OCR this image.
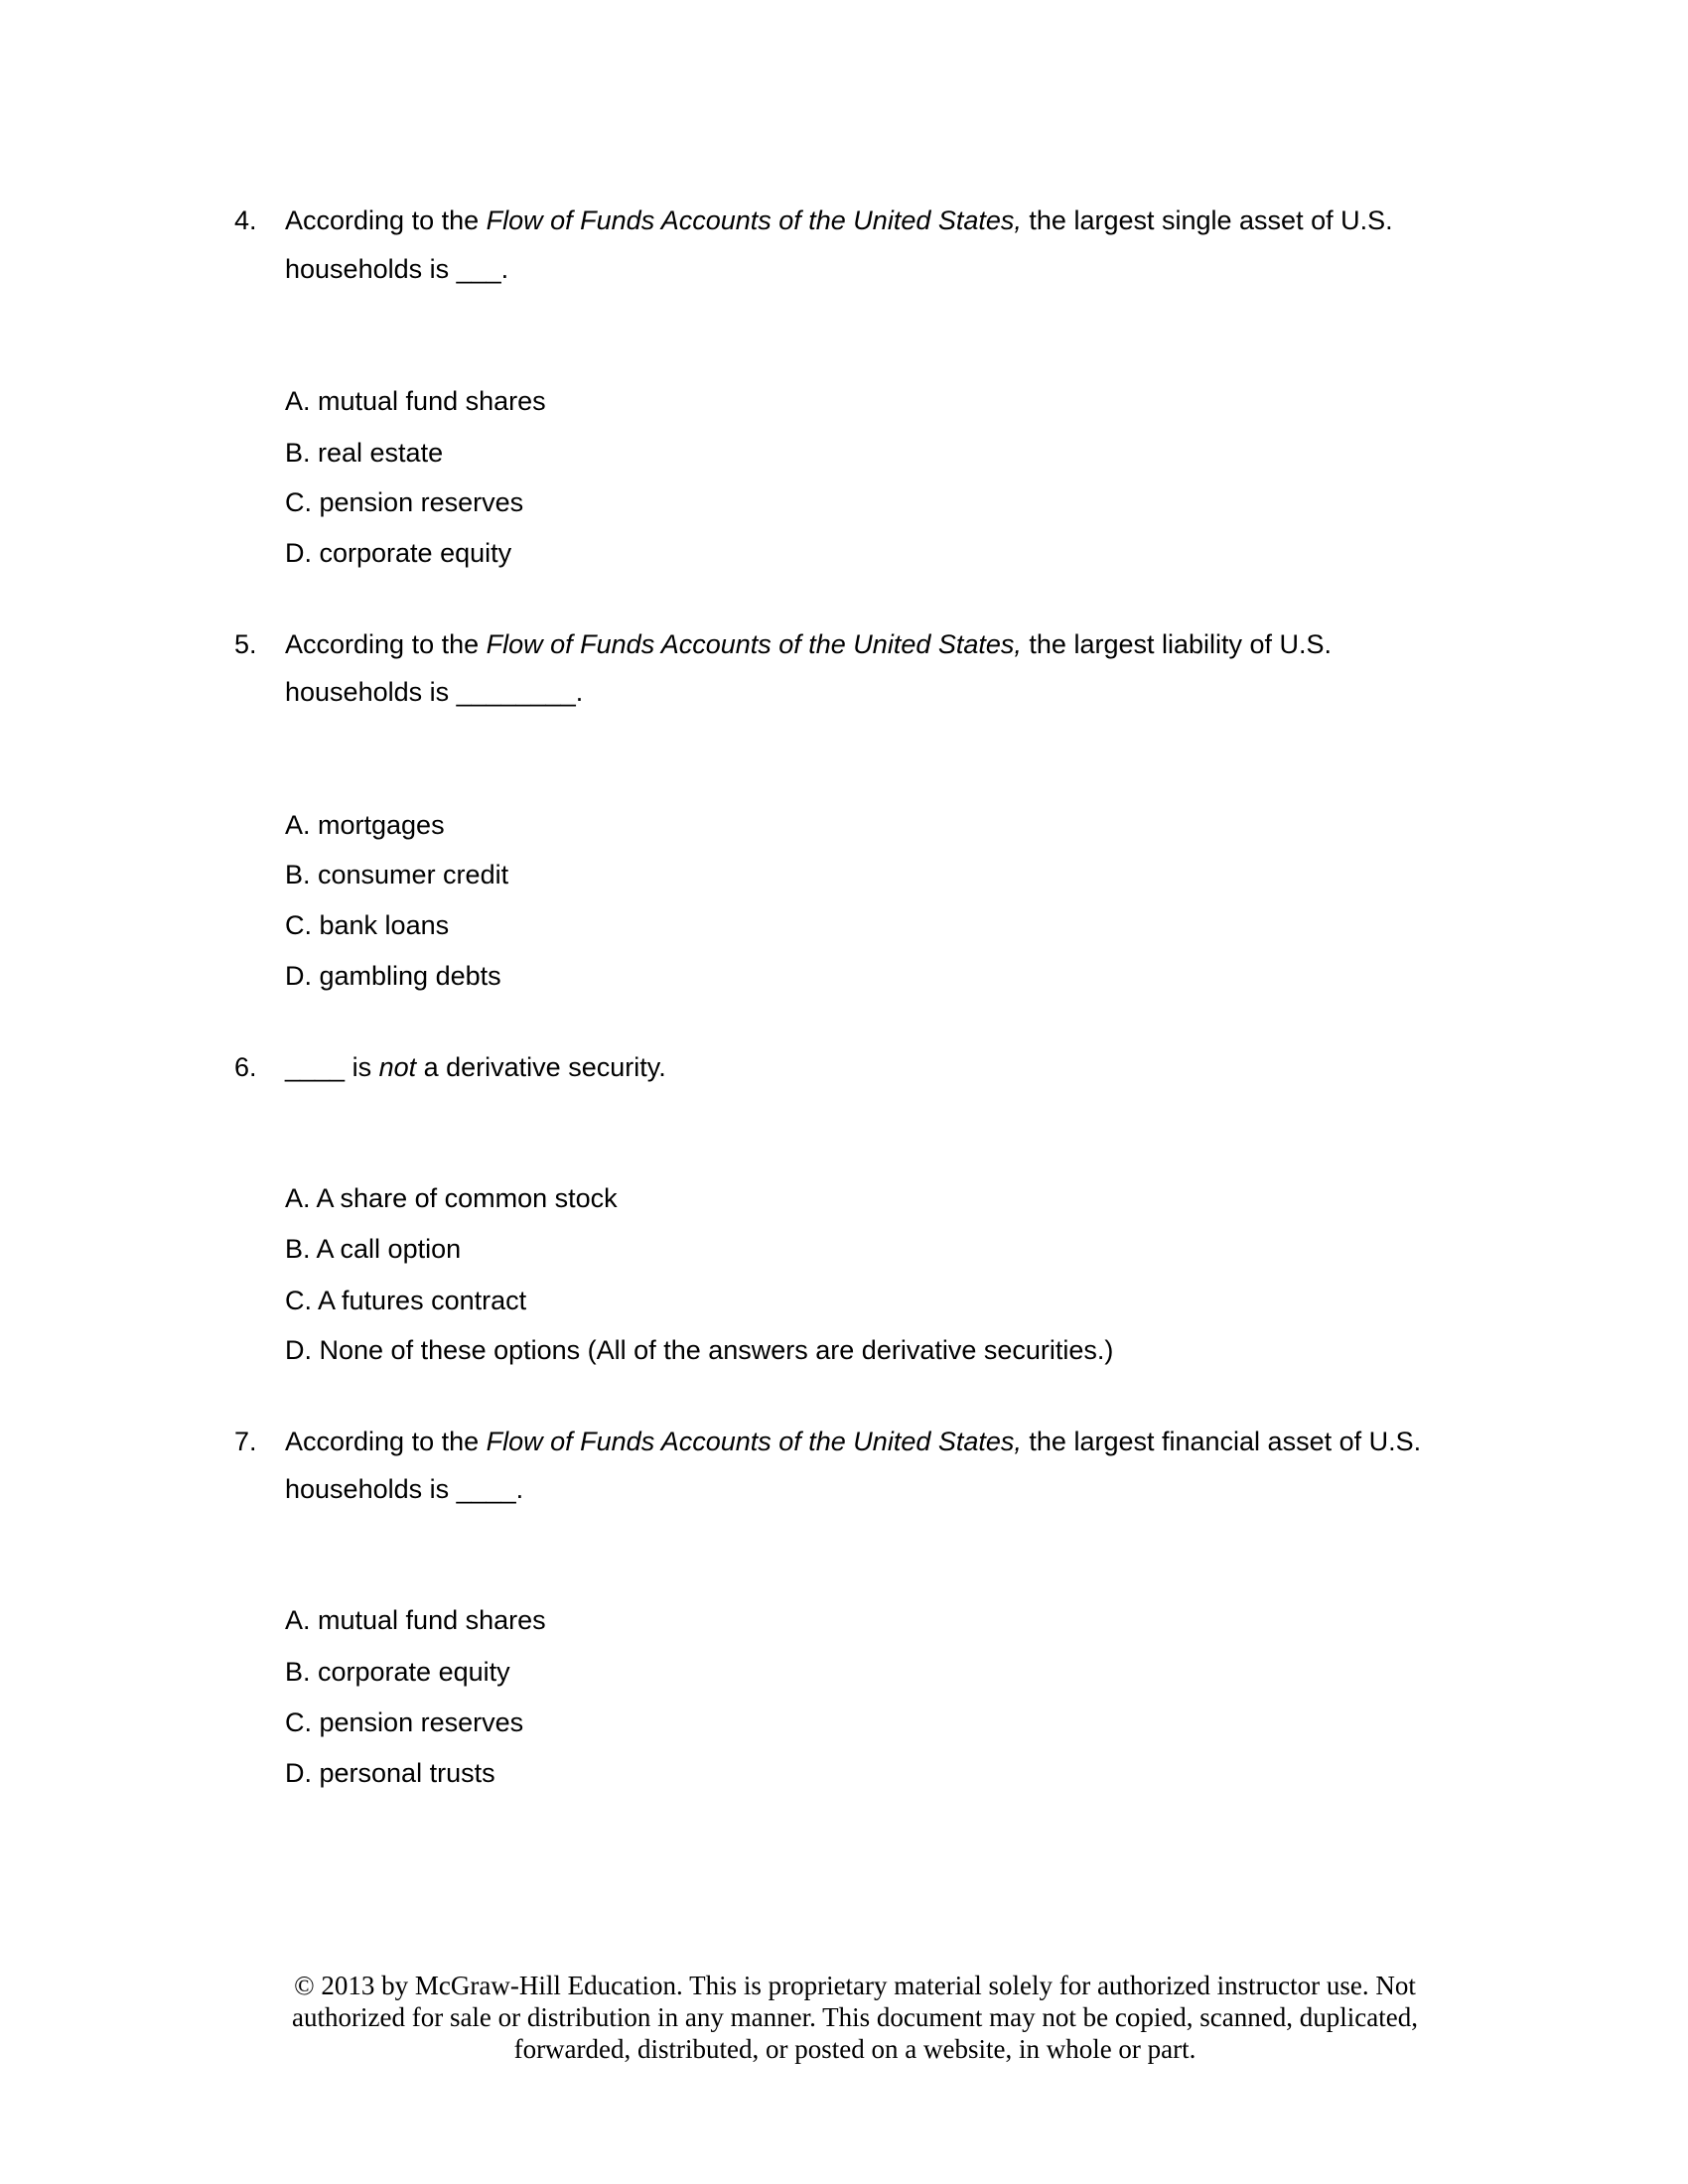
4. According to the Flow of Funds Accounts of the United States, the largest single asset of U.S.
households is ___.
A. mutual fund shares
B. real estate
C. pension reserves
D. corporate equity
5. According to the Flow of Funds Accounts of the United States, the largest liability of U.S.
households is ________.
A. mortgages
B. consumer credit
C. bank loans
D. gambling debts
6. ____ is not a derivative security.
A. A share of common stock
B. A call option
C. A futures contract
D. None of these options (All of the answers are derivative securities.)
7. According to the Flow of Funds Accounts of the United States, the largest financial asset of U.S.
households is ____.
A. mutual fund shares
B. corporate equity
C. pension reserves
D. personal trusts
© 2013 by McGraw-Hill Education. This is proprietary material solely for authorized instructor use. Not
authorized for sale or distribution in any manner. This document may not be copied, scanned, duplicated,
forwarded, distributed, or posted on a website, in whole or part.
